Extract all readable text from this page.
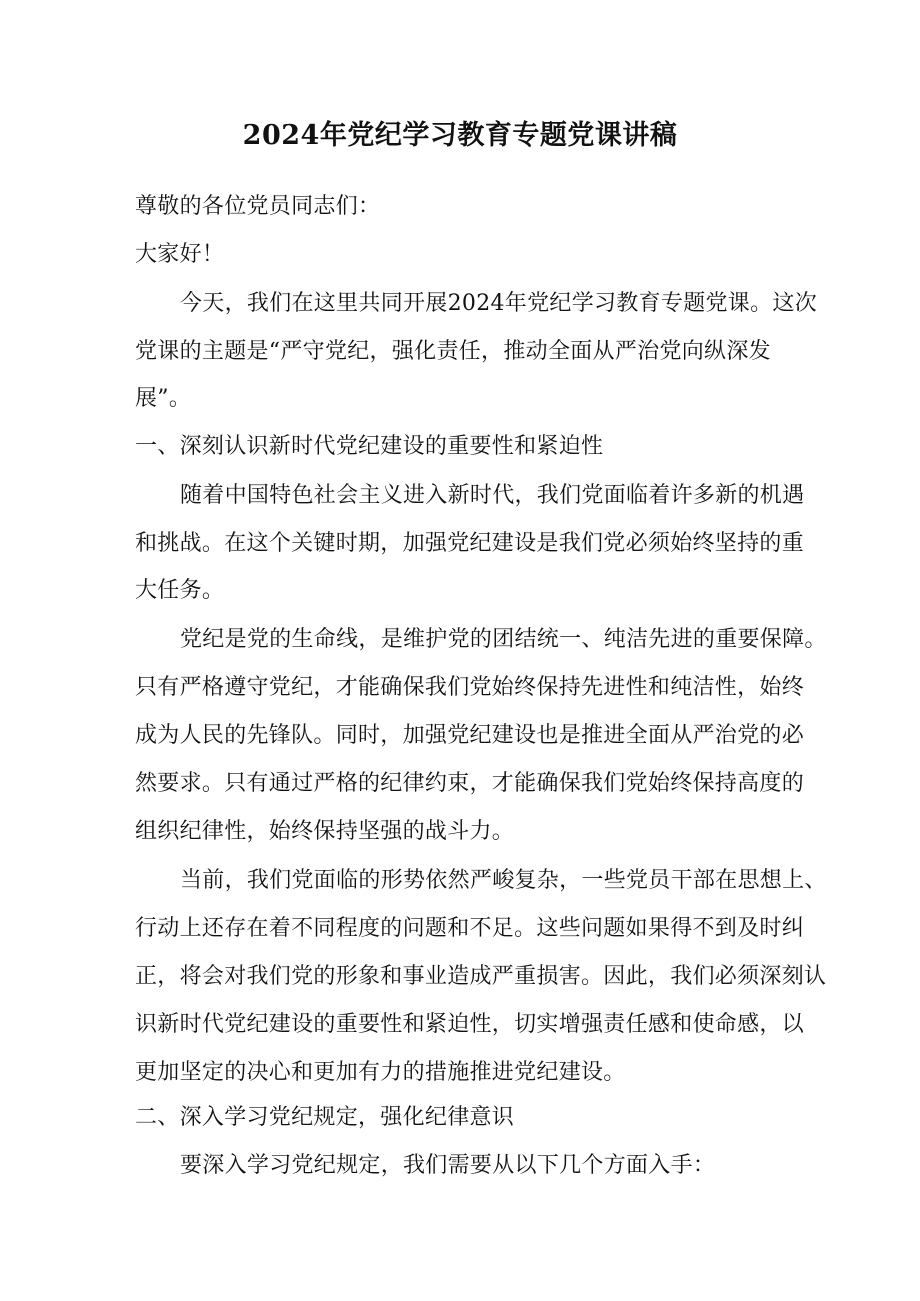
2024年党纪学习教育专题党课讲稿
尊敬的各位党员同志们：
大家好！
今天，我们在这里共同开展2024年党纪学习教育专题党课。这次
党课的主题是“严守党纪，强化责任，推动全面从严治党向纵深发
展”。
一、深刻认识新时代党纪建设的重要性和紧迫性
随着中国特色社会主义进入新时代，我们党面临着许多新的机遇
和挑战。在这个关键时期，加强党纪建设是我们党必须始终坚持的重
大任务。
党纪是党的生命线，是维护党的团结统一、纯洁先进的重要保障。
只有严格遵守党纪，才能确保我们党始终保持先进性和纯洁性，始终
成为人民的先锋队。同时，加强党纪建设也是推进全面从严治党的必
然要求。只有通过严格的纪律约束，才能确保我们党始终保持高度的
组织纪律性，始终保持坚强的战斗力。
当前，我们党面临的形势依然严峻复杂，一些党员干部在思想上、
行动上还存在着不同程度的问题和不足。这些问题如果得不到及时纠
正，将会对我们党的形象和事业造成严重损害。因此，我们必须深刻认
识新时代党纪建设的重要性和紧迫性，切实增强责任感和使命感，以
更加坚定的决心和更加有力的措施推进党纪建设。
二、深入学习党纪规定，强化纪律意识
要深入学习党纪规定，我们需要从以下几个方面入手：
